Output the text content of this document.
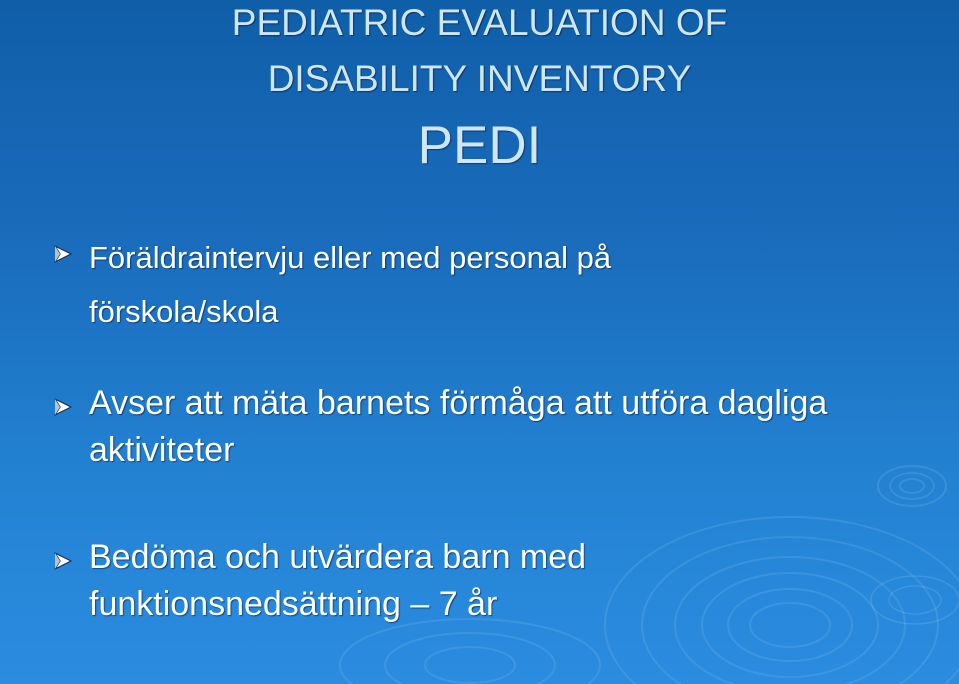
PEDIATRIC EVALUATION OF
DISABILITY INVENTORY
PEDI
Föräldraintervju eller med personal på
förskola/skola
Avser att mäta barnets förmåga att utföra dagliga
aktiviteter
Bedöma och utvärdera barn med
funktionsnedsättning – 7 år
